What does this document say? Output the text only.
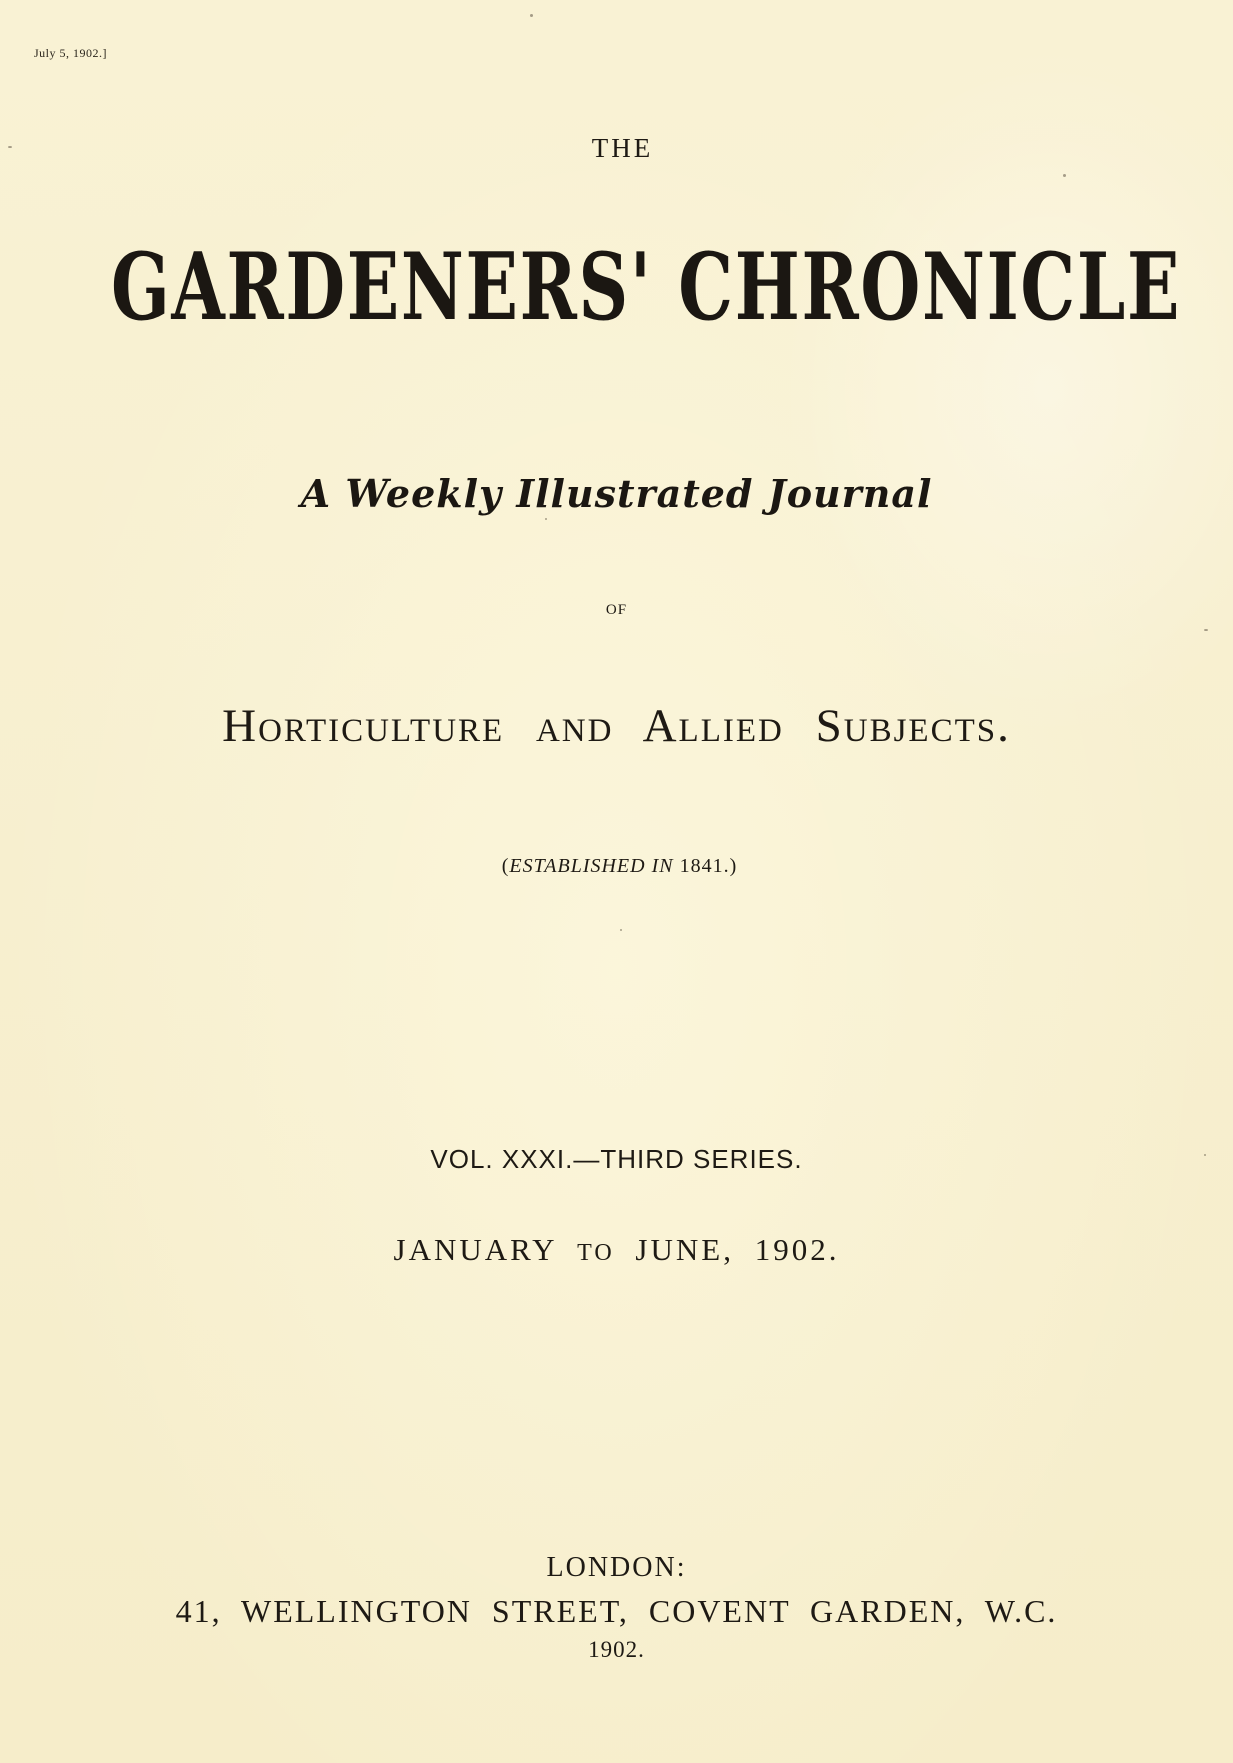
July 5, 1902.]
THE
GARDENERS' CHRONICLE
A Weekly Illustrated Journal
OF
Horticulture and Allied Subjects.
(ESTABLISHED IN 1841.)
VOL. XXXI.—THIRD SERIES.
JANUARY TO JUNE, 1902.
LONDON:
41, WELLINGTON STREET, COVENT GARDEN, W.C.
1902.
